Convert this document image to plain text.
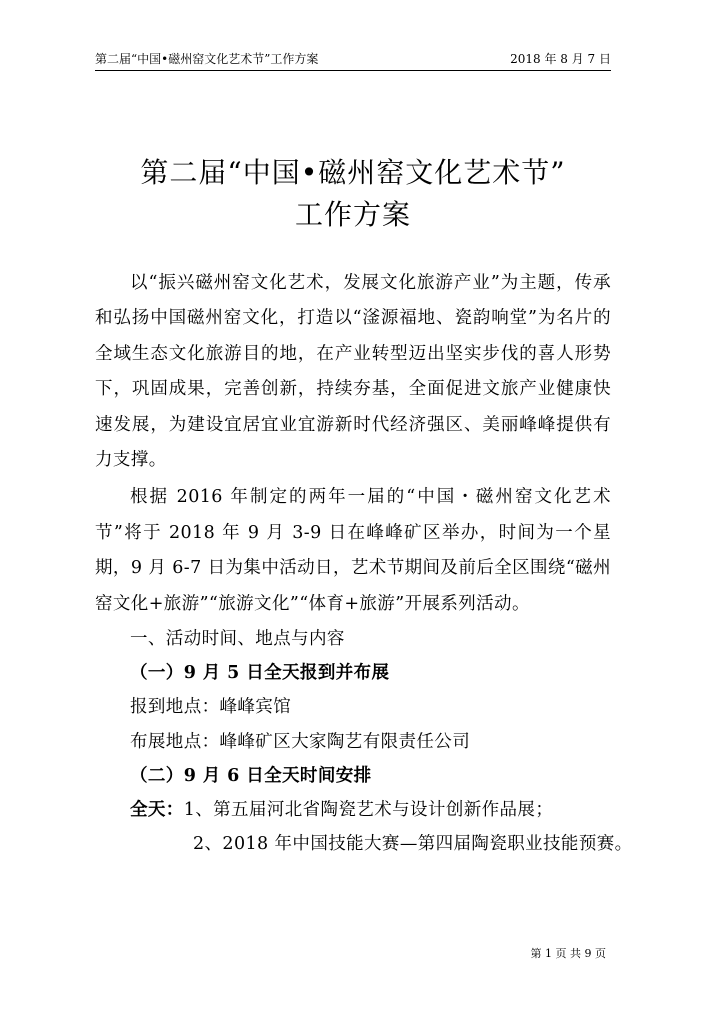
第二届“中国•磁州窑文化艺术节”工作方案	2018 年 8 月 7 日
第二届“中国•磁州窑文化艺术节”
工作方案

以“振兴磁州窑文化艺术，发展文化旅游产业”为主题，传承和弘扬中国磁州窑文化，打造以“滏源福地、瓷韵响堂”为名片的全域生态文化旅游目的地，在产业转型迈出坚实步伐的喜人形势下，巩固成果，完善创新，持续夯基，全面促进文旅产业健康快速发展，为建设宜居宜业宜游新时代经济强区、美丽峰峰提供有力支撑。

根据 2016 年制定的两年一届的“中国・磁州窑文化艺术节”将于 2018 年 9 月 3-9 日在峰峰矿区举办，时间为一个星期，9 月 6-7 日为集中活动日，艺术节期间及前后全区围绕“磁州窑文化+旅游”“旅游文化”“体育+旅游”开展系列活动。

一、活动时间、地点与内容
（一）9 月 5 日全天报到并布展
报到地点：峰峰宾馆
布展地点：峰峰矿区大家陶艺有限责任公司
（二）9 月 6 日全天时间安排
全天：1、第五届河北省陶瓷艺术与设计创新作品展；
2、2018 年中国技能大赛—第四届陶瓷职业技能预赛。
第 1 页 共 9 页
